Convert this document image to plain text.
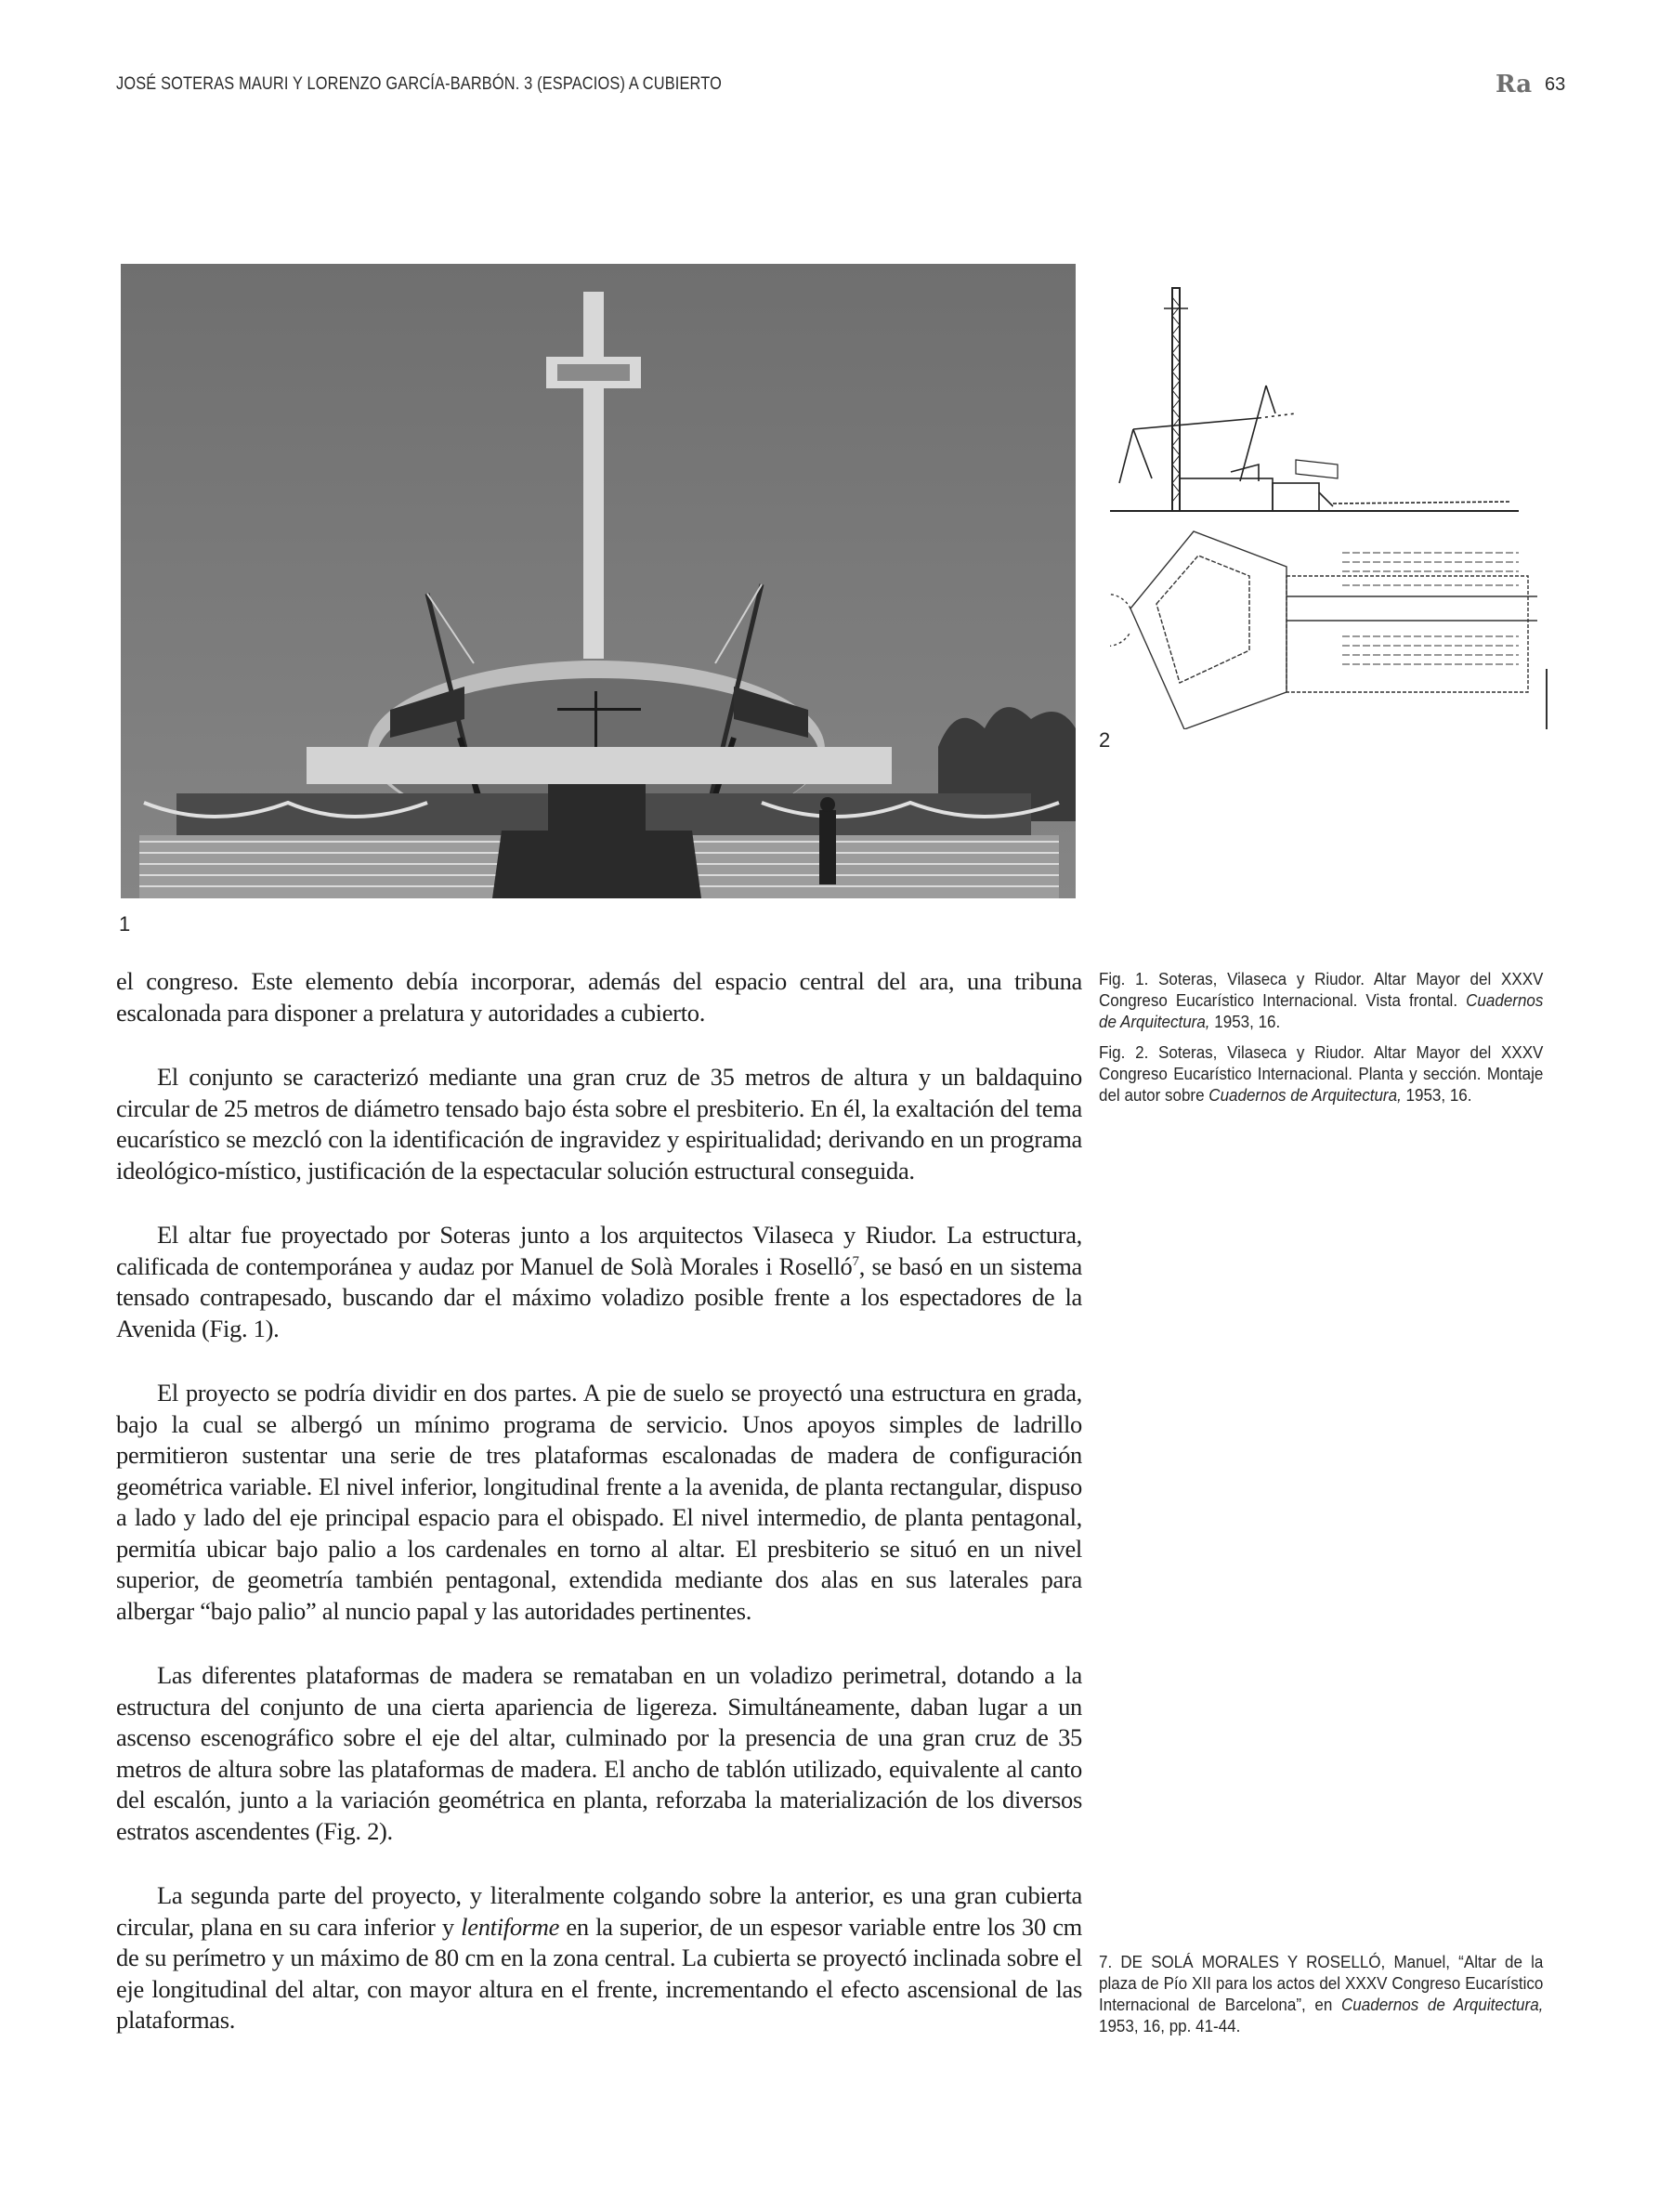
JOSÉ SOTERAS MAURI Y LORENZO GARCÍA-BARBÓN. 3 (ESPACIOS) A CUBIERTO	Ra 63
1
2

el congreso. Este elemento debía incorporar, además del espacio central del ara, una tribuna escalonada para disponer a prelatura y autoridades a cubierto.

El conjunto se caracterizó mediante una gran cruz de 35 metros de altura y un baldaquino circular de 25 metros de diámetro tensado bajo ésta sobre el presbiterio. En él, la exaltación del tema eucarístico se mezcló con la identificación de ingravidez y espiritualidad; derivando en un programa ideológico-místico, justificación de la espectacular solución estructural conseguida.

El altar fue proyectado por Soteras junto a los arquitectos Vilaseca y Riudor. La estructura, calificada de contemporánea y audaz por Manuel de Solà Morales i Roselló$^7$, se basó en un sistema tensado contrapesado, buscando dar el máximo voladizo posible frente a los espectadores de la Avenida (Fig. 1).

El proyecto se podría dividir en dos partes. A pie de suelo se proyectó una estructura en grada, bajo la cual se albergó un mínimo programa de servicio. Unos apoyos simples de ladrillo permitieron sustentar una serie de tres plataformas escalonadas de madera de configuración geométrica variable. El nivel inferior, longitudinal frente a la avenida, de planta rectangular, dispuso a lado y lado del eje principal espacio para el obispado. El nivel intermedio, de planta pentagonal, permitía ubicar bajo palio a los cardenales en torno al altar. El presbiterio se situó en un nivel superior, de geometría también pentagonal, extendida mediante dos alas en sus laterales para albergar “bajo palio” al nuncio papal y las autoridades pertinentes.

Las diferentes plataformas de madera se remataban en un voladizo perimetral, dotando a la estructura del conjunto de una cierta apariencia de ligereza. Simultáneamente, daban lugar a un ascenso escenográfico sobre el eje del altar, culminado por la presencia de una gran cruz de 35 metros de altura sobre las plataformas de madera. El ancho de tablón utilizado, equivalente al canto del escalón, junto a la variación geométrica en planta, reforzaba la materialización de los diversos estratos ascendentes (Fig. 2).

La segunda parte del proyecto, y literalmente colgando sobre la anterior, es una gran cubierta circular, plana en su cara inferior y lentiforme en la superior, de un espesor variable entre los 30 cm de su perímetro y un máximo de 80 cm en la zona central. La cubierta se proyectó inclinada sobre el eje longitudinal del altar, con mayor altura en el frente, incrementando el efecto ascensional de las plataformas.

Fig. 1. Soteras, Vilaseca y Riudor. Altar Mayor del XXXV Congreso Eucarístico Internacional. Vista frontal. Cuadernos de Arquitectura, 1953, 16.

Fig. 2. Soteras, Vilaseca y Riudor. Altar Mayor del XXXV Congreso Eucarístico Internacional. Planta y sección. Montaje del autor sobre Cuadernos de Arquitectura, 1953, 16.

7. DE SOLÁ MORALES Y ROSELLÓ, Manuel, “Altar de la plaza de Pío XII para los actos del XXXV Congreso Eucarístico Internacional de Barcelona”, en Cuadernos de Arquitectura, 1953, 16, pp. 41-44.
